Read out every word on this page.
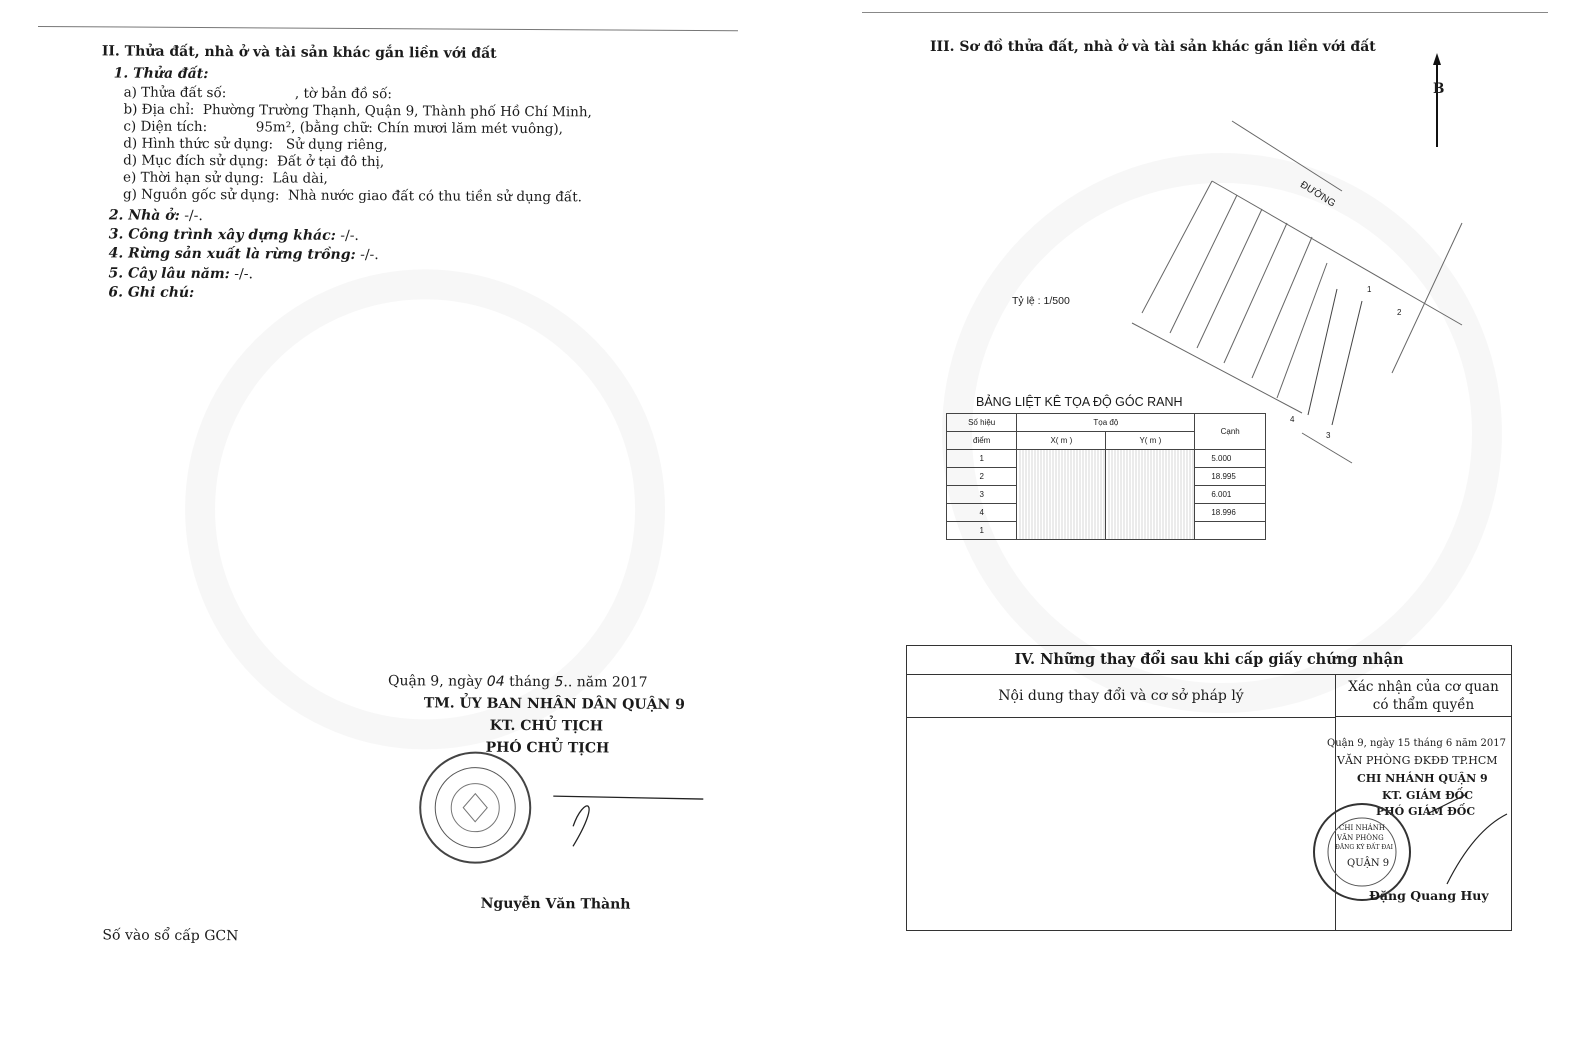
II. Thửa đất, nhà ở và tài sản khác gắn liền với đất
1. Thửa đất:
a) Thửa đất số:	, tờ bản đồ số:
b) Địa chỉ: Phường Trường Thạnh, Quận 9, Thành phố Hồ Chí Minh,
c) Diện tích:	95m², (bằng chữ: Chín mươi lăm mét vuông),
d) Hình thức sử dụng: Sử dụng riêng,
d) Mục đích sử dụng: Đất ở tại đô thị,
e) Thời hạn sử dụng: Lâu dài,
g) Nguồn gốc sử dụng: Nhà nước giao đất có thu tiền sử dụng đất.
2. Nhà ở: -/-.
3. Công trình xây dựng khác: -/-.
4. Rừng sản xuất là rừng trồng: -/-.
5. Cây lâu năm: -/-.
6. Ghi chú:
Quận 9, ngày 04 tháng 5.. năm 2017
TM. ỦY BAN NHÂN DÂN QUẬN 9
KT. CHỦ TỊCH
PHÓ CHỦ TỊCH
Nguyễn Văn Thành
Số vào sổ cấp GCN
III. Sơ đồ thửa đất, nhà ở và tài sản khác gắn liền với đất
B
ĐƯỜNG
Tỷ lệ : 1/500
1
2
3
4
BẢNG LIỆT KÊ TỌA ĐỘ GÓC RANH
Số hiệu	Tọa độ		Cạnh
điểm	X( m )	Y( m )	
1			5.000
2			18.995
3			6.001
4			18.996
1			
IV. Những thay đổi sau khi cấp giấy chứng nhận
Nội dung thay đổi và cơ sở pháp lý
Xác nhận của cơ quan
có thẩm quyền
Quận 9, ngày 15 tháng 6 năm 2017
VĂN PHÒNG ĐKĐĐ TP.HCM
CHI NHÁNH QUẬN 9
KT. GIÁM ĐỐC
PHÓ GIÁM ĐỐC
CHI NHÁNH
VĂN PHÒNG
ĐĂNG KÝ ĐẤT ĐAI
QUẬN 9
Đặng Quang Huy
